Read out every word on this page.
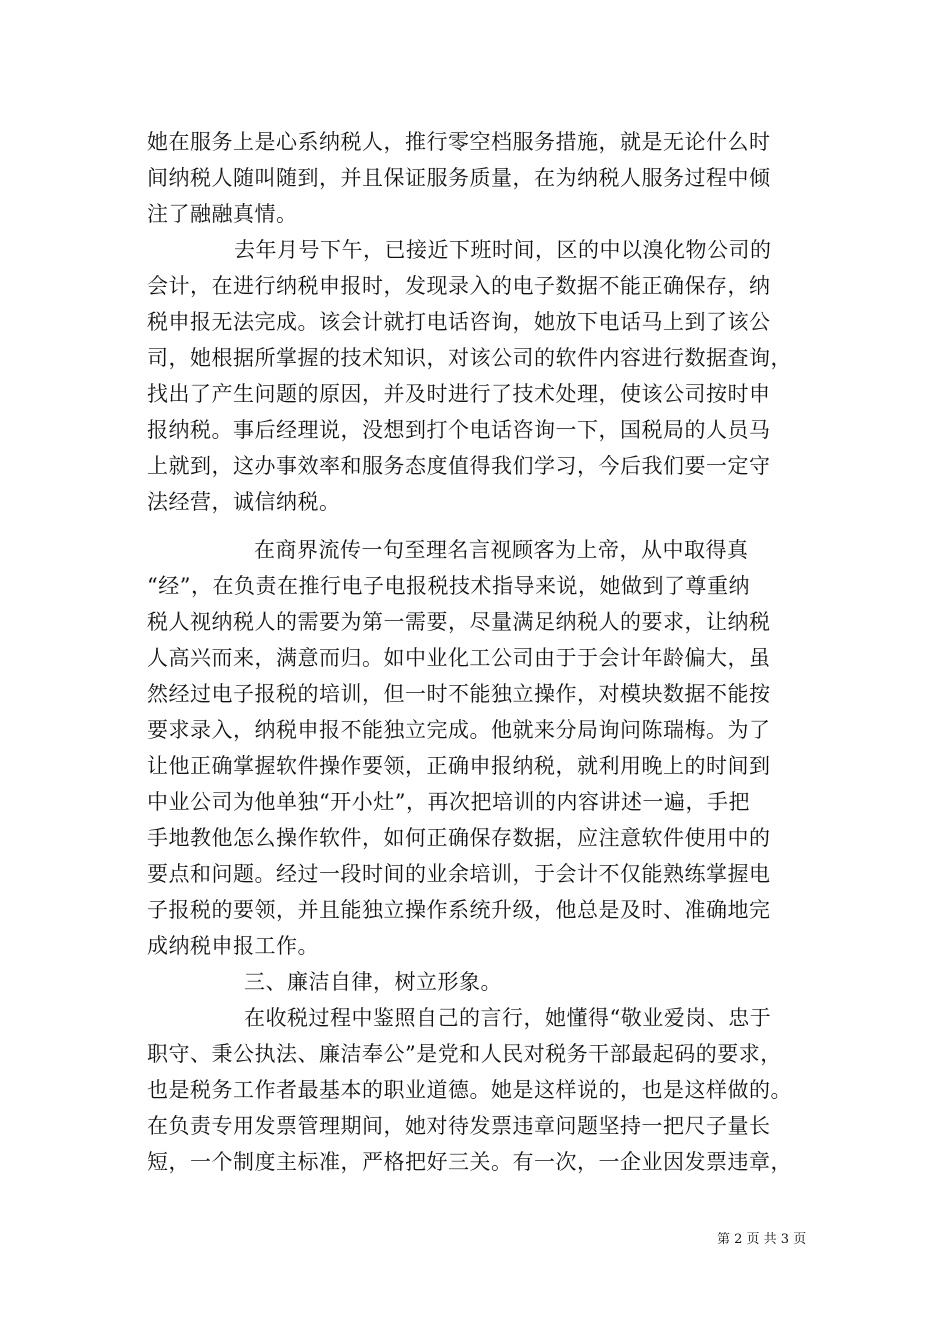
她在服务上是心系纳税人，推行零空档服务措施，就是无论什么时
间纳税人随叫随到，并且保证服务质量，在为纳税人服务过程中倾
注了融融真情。
去年月号下午，已接近下班时间，区的中以溴化物公司的
会计，在进行纳税申报时，发现录入的电子数据不能正确保存，纳
税申报无法完成。该会计就打电话咨询，她放下电话马上到了该公
司，她根据所掌握的技术知识，对该公司的软件内容进行数据查询，
找出了产生问题的原因，并及时进行了技术处理，使该公司按时申
报纳税。事后经理说，没想到打个电话咨询一下，国税局的人员马
上就到，这办事效率和服务态度值得我们学习，今后我们要一定守
法经营，诚信纳税。
在商界流传一句至理名言视顾客为上帝，从中取得真
“经”，在负责在推行电子电报税技术指导来说，她做到了尊重纳
税人视纳税人的需要为第一需要，尽量满足纳税人的要求，让纳税
人高兴而来，满意而归。如中业化工公司由于于会计年龄偏大，虽
然经过电子报税的培训，但一时不能独立操作，对模块数据不能按
要求录入，纳税申报不能独立完成。他就来分局询问陈瑞梅。为了
让他正确掌握软件操作要领，正确申报纳税，就利用晚上的时间到
中业公司为他单独“开小灶”，再次把培训的内容讲述一遍，手把
手地教他怎么操作软件，如何正确保存数据，应注意软件使用中的
要点和问题。经过一段时间的业余培训，于会计不仅能熟练掌握电
子报税的要领，并且能独立操作系统升级，他总是及时、准确地完
成纳税申报工作。
三、廉洁自律，树立形象。
在收税过程中鉴照自己的言行，她懂得“敬业爱岗、忠于
职守、秉公执法、廉洁奉公”是党和人民对税务干部最起码的要求，
也是税务工作者最基本的职业道德。她是这样说的，也是这样做的。
在负责专用发票管理期间，她对待发票违章问题坚持一把尺子量长
短，一个制度主标准，严格把好三关。有一次，一企业因发票违章，
第 2 页 共 3 页
